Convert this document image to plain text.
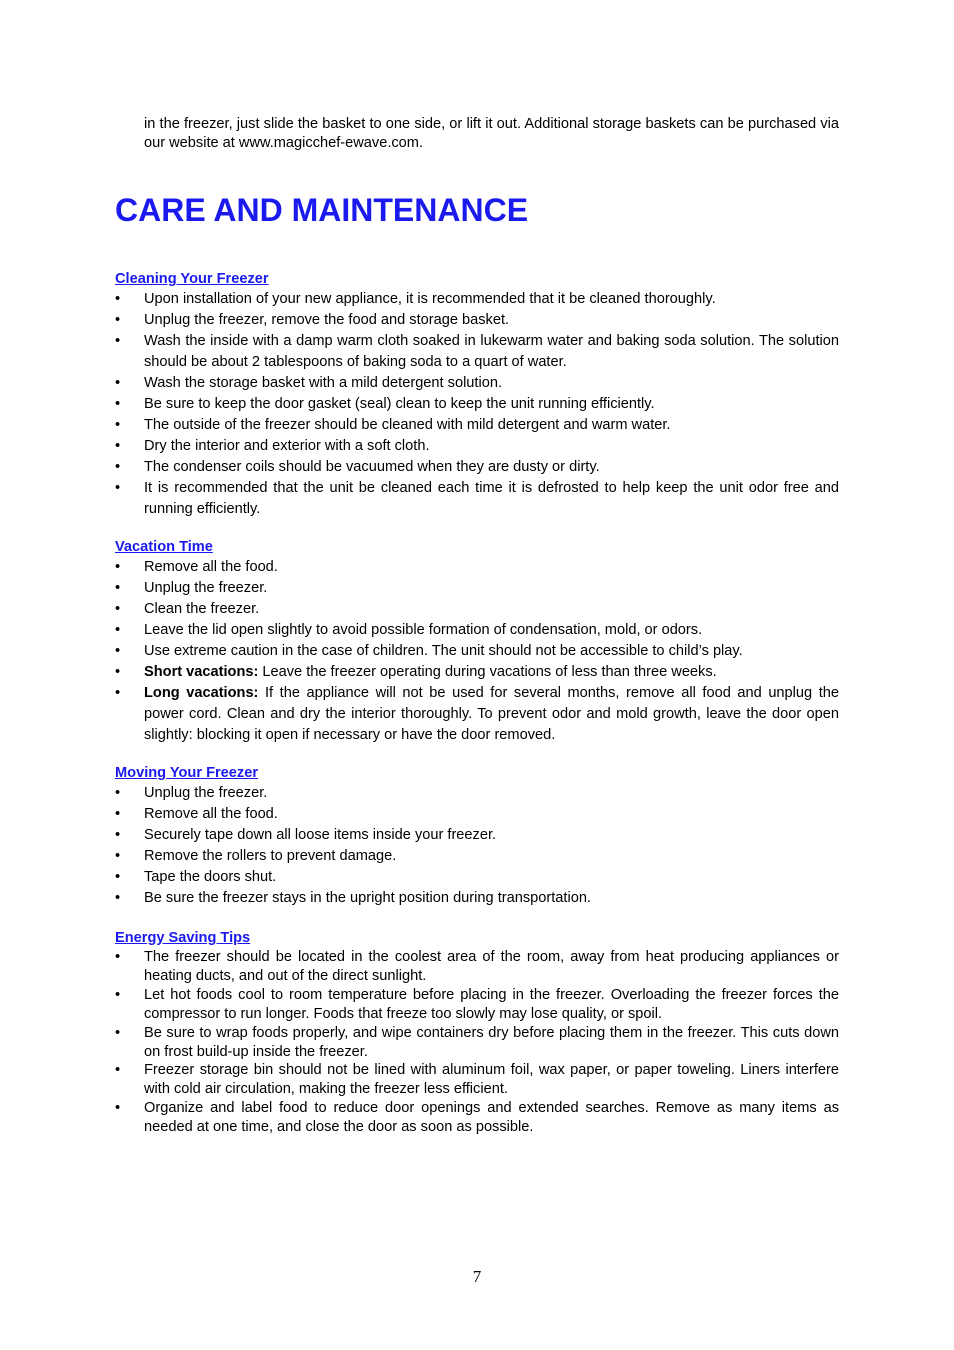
in the freezer, just slide the basket to one side, or lift it out. Additional storage baskets can be purchased via our website at www.magicchef-ewave.com.

CARE AND MAINTENANCE
Cleaning Your Freezer
• Upon installation of your new appliance, it is recommended that it be cleaned thoroughly.
• Unplug the freezer, remove the food and storage basket.
• Wash the inside with a damp warm cloth soaked in lukewarm water and baking soda solution. The solution should be about 2 tablespoons of baking soda to a quart of water.
• Wash the storage basket with a mild detergent solution.
• Be sure to keep the door gasket (seal) clean to keep the unit running efficiently.
• The outside of the freezer should be cleaned with mild detergent and warm water.
• Dry the interior and exterior with a soft cloth.
• The condenser coils should be vacuumed when they are dusty or dirty.
• It is recommended that the unit be cleaned each time it is defrosted to help keep the unit odor free and running efficiently.
Vacation Time
• Remove all the food.
• Unplug the freezer.
• Clean the freezer.
• Leave the lid open slightly to avoid possible formation of condensation, mold, or odors.
• Use extreme caution in the case of children. The unit should not be accessible to child’s play.
• Short vacations: Leave the freezer operating during vacations of less than three weeks.
• Long vacations: If the appliance will not be used for several months, remove all food and unplug the power cord. Clean and dry the interior thoroughly. To prevent odor and mold growth, leave the door open slightly: blocking it open if necessary or have the door removed.
Moving Your Freezer
• Unplug the freezer.
• Remove all the food.
• Securely tape down all loose items inside your freezer.
• Remove the rollers to prevent damage.
• Tape the doors shut.
• Be sure the freezer stays in the upright position during transportation.
Energy Saving Tips
• The freezer should be located in the coolest area of the room, away from heat producing appliances or heating ducts, and out of the direct sunlight.
• Let hot foods cool to room temperature before placing in the freezer. Overloading the freezer forces the compressor to run longer. Foods that freeze too slowly may lose quality, or spoil.
• Be sure to wrap foods properly, and wipe containers dry before placing them in the freezer. This cuts down on frost build-up inside the freezer.
• Freezer storage bin should not be lined with aluminum foil, wax paper, or paper toweling. Liners interfere with cold air circulation, making the freezer less efficient.
• Organize and label food to reduce door openings and extended searches. Remove as many items as needed at one time, and close the door as soon as possible.
7
